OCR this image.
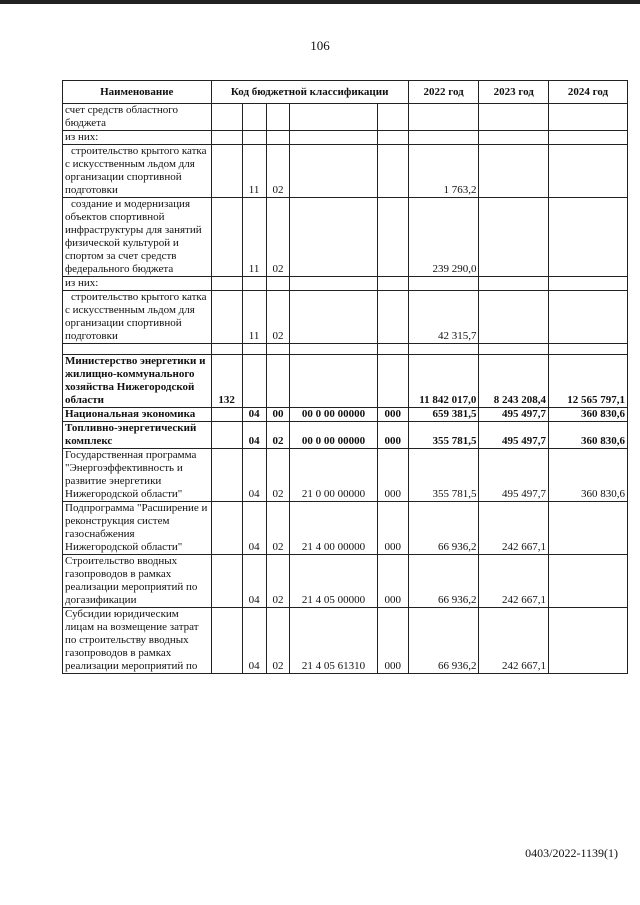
106
Наименование	Код бюджетной классификации					2022 год	2023 год	2024 год
счет средств областного бюджета								
из них:								
строительство крытого катка с искусственным льдом для организации спортивной подготовки		11	02			1 763,2		
создание и модернизация объектов спортивной инфраструктуры для занятий физической культурой и спортом за счет средств федерального бюджета		11	02			239 290,0		
из них:								
строительство крытого катка с искусственным льдом для организации спортивной подготовки		11	02			42 315,7		

Министерство энергетики и жилищно-коммунального хозяйства Нижегородской области	132					11 842 017,0	8 243 208,4	12 565 797,1
Национальная экономика		04	00	00 0 00 00000	000	659 381,5	495 497,7	360 830,6
Топливно-энергетический комплекс		04	02	00 0 00 00000	000	355 781,5	495 497,7	360 830,6
Государственная программа "Энергоэффективность и развитие энергетики Нижегородской области"		04	02	21 0 00 00000	000	355 781,5	495 497,7	360 830,6
Подпрограмма "Расширение и реконструкция систем газоснабжения Нижегородской области"		04	02	21 4 00 00000	000	66 936,2	242 667,1	
Строительство вводных газопроводов в рамках реализации мероприятий по догазификации		04	02	21 4 05 00000	000	66 936,2	242 667,1	
Субсидии юридическим лицам на возмещение затрат по строительству вводных газопроводов в рамках реализации мероприятий по		04	02	21 4 05 61310	000	66 936,2	242 667,1	
0403/2022-1139(1)
